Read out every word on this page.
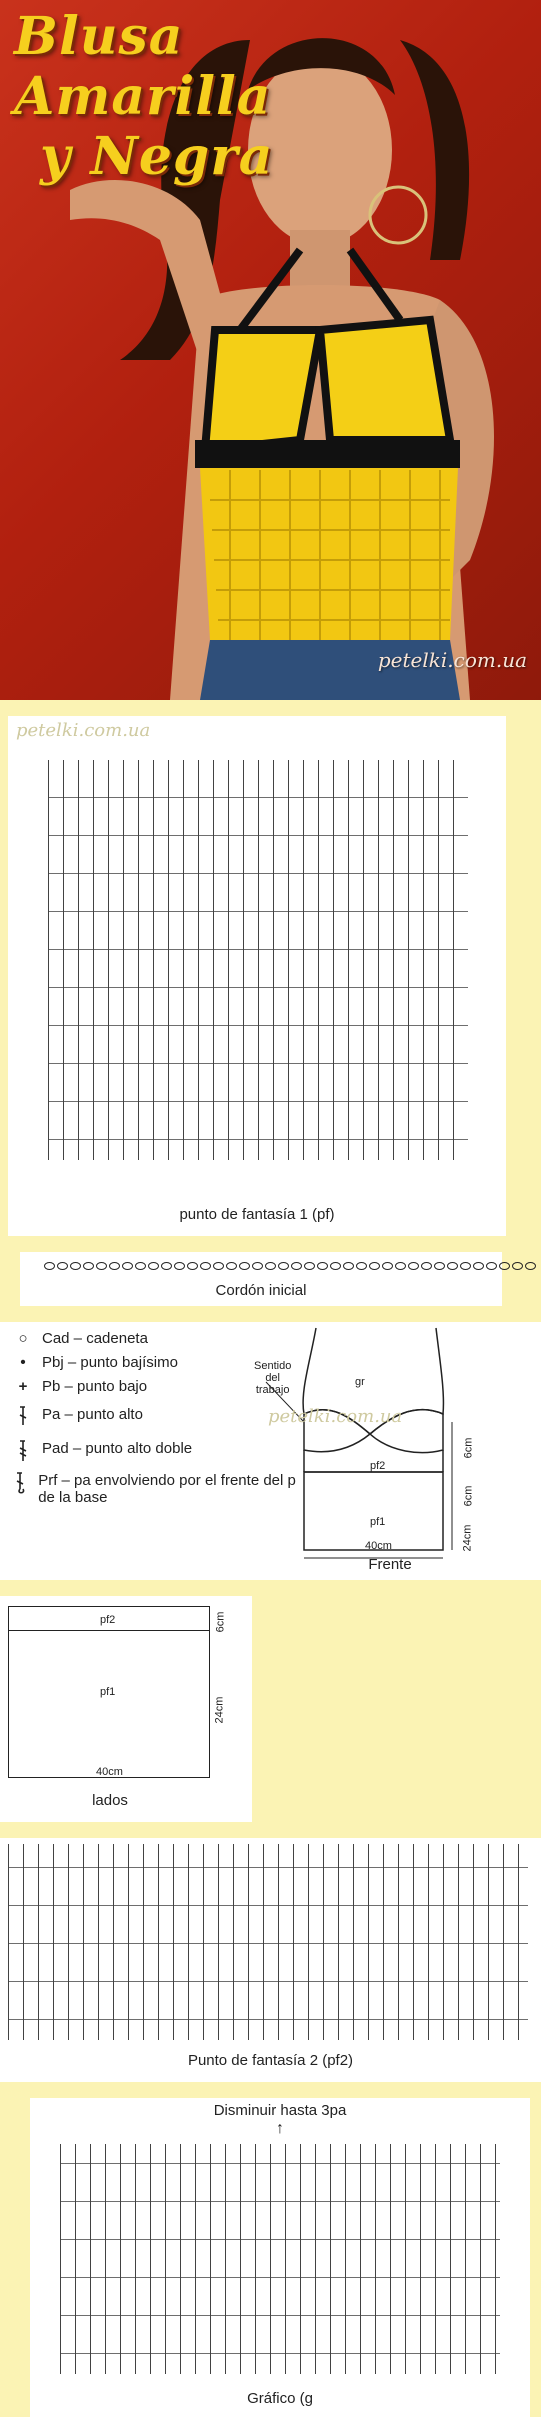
Blusa
Amarilla
y Negra
petelki.com.ua
petelki.com.ua
punto de fantasía 1 (pf)
Cordón inicial
○ Cad – cadeneta
•	Pbj – punto bajísimo
+ Pb – punto bajo
Pa – punto alto
Pad – punto alto doble
Prf – pa envolviendo por el frente del p de la base
Sentido
del
trabajo
gr
pf2
pf1
6cm
6cm
24cm
40cm
Frente
petelki.com.ua
pf2
pf1
6cm
24cm
40cm
lados
Punto de fantasía 2 (pf2)
Disminuir hasta 3pa
↑
Gráfico (g
